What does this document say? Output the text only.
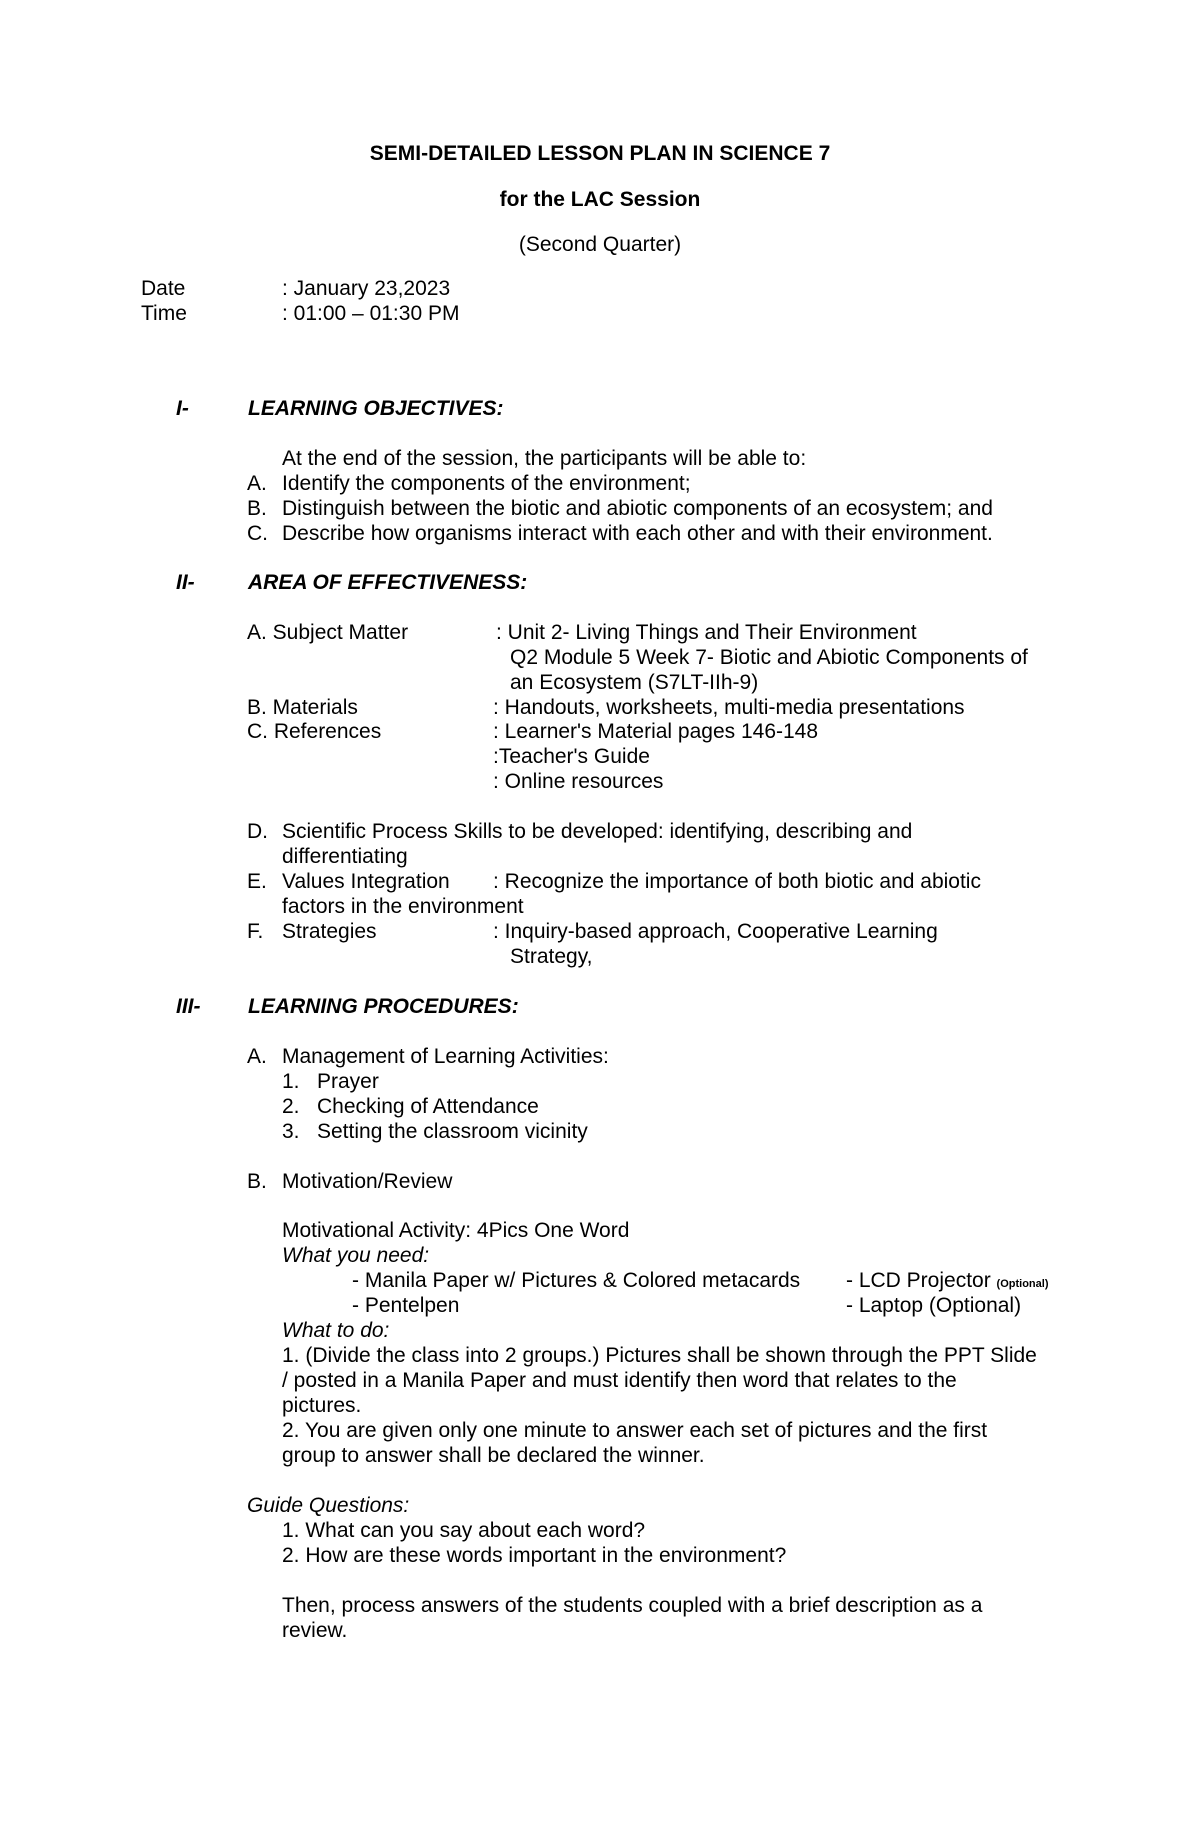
SEMI-DETAILED LESSON PLAN IN SCIENCE 7
for the LAC Session
(Second Quarter)
Date	: January 23,2023
Time	: 01:00 – 01:30 PM
I-	LEARNING OBJECTIVES:
At the end of the session, the participants will be able to:
A. Identify the components of the environment;
B. Distinguish between the biotic and abiotic components of an ecosystem; and
C. Describe how organisms interact with each other and with their environment.
II-	AREA OF EFFECTIVENESS:
A. Subject Matter	: Unit 2- Living Things and Their Environment
Q2 Module 5 Week 7- Biotic and Abiotic Components of
an Ecosystem (S7LT-IIh-9)
B. Materials	: Handouts, worksheets, multi-media presentations
C. References	: Learner's Material pages 146-148
:Teacher's Guide
: Online resources
D. Scientific Process Skills to be developed: identifying, describing and
differentiating
E. Values Integration : Recognize the importance of both biotic and abiotic
factors in the environment
F. Strategies	: Inquiry-based approach, Cooperative Learning
Strategy,
III- LEARNING PROCEDURES:
A. Management of Learning Activities:
1. Prayer
2. Checking of Attendance
3. Setting the classroom vicinity
B. Motivation/Review
Motivational Activity: 4Pics One Word
What you need:
- Manila Paper w/ Pictures & Colored metacards - LCD Projector (Optional)
- Pentelpen	- Laptop (Optional)
What to do:
1. (Divide the class into 2 groups.) Pictures shall be shown through the PPT Slide
/ posted in a Manila Paper and must identify then word that relates to the
pictures.
2. You are given only one minute to answer each set of pictures and the first
group to answer shall be declared the winner.
Guide Questions:
1. What can you say about each word?
2. How are these words important in the environment?
Then, process answers of the students coupled with a brief description as a
review.
